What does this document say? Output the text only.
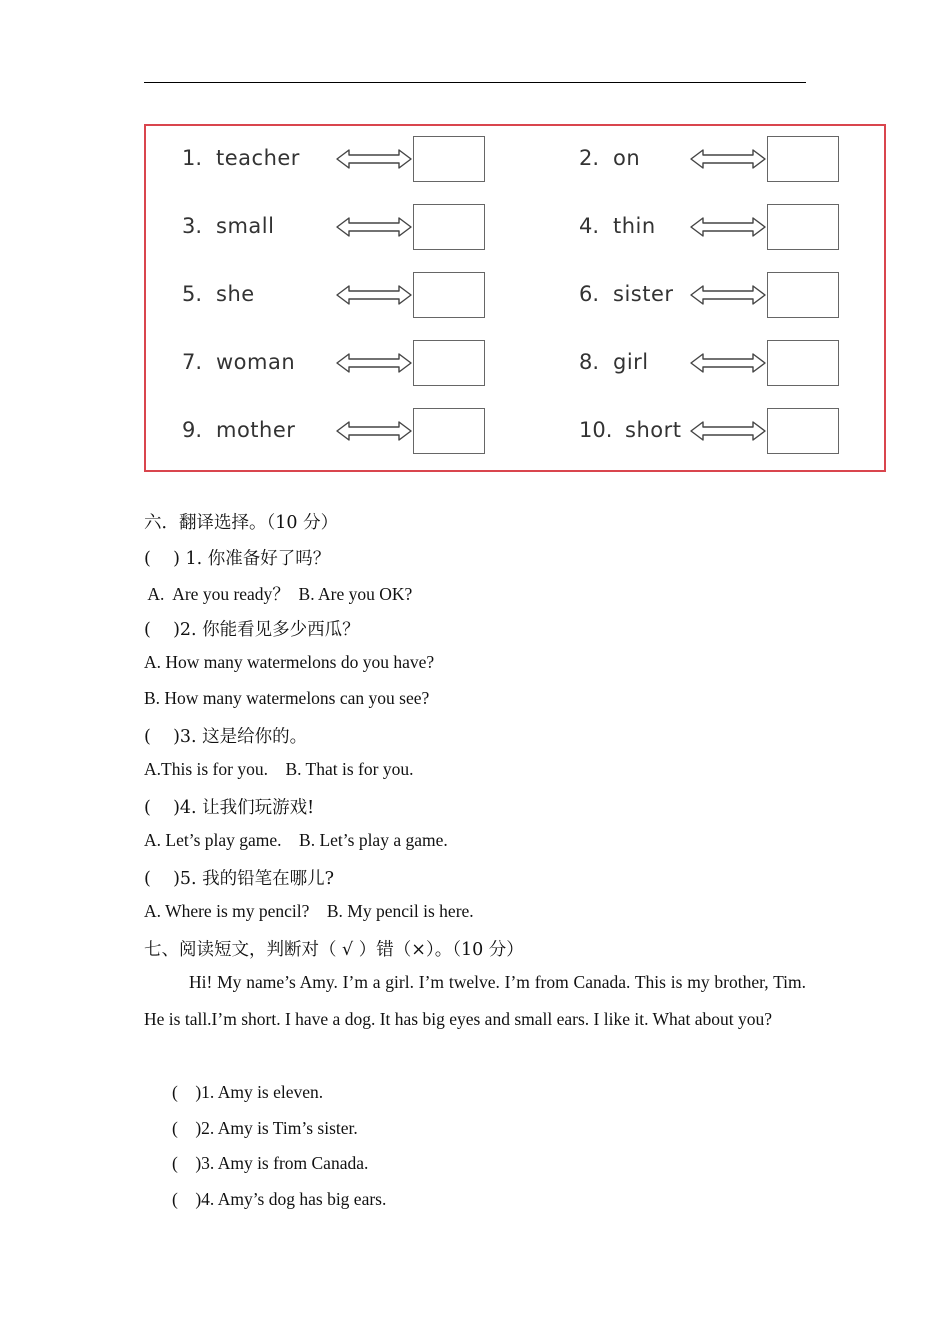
1. teacher	2. on
3. small	4. thin
5. she	6. sister
7. woman	8. girl
9. mother	10. short
六．翻译选择。（10 分）
(    ) 1. 你准备好了吗？
A.  Are you ready？  B. Are you OK?
(    )2. 你能看见多少西瓜？
A. How many watermelons do you have?
B. How many watermelons can you see?
(    )3. 这是给你的。
A.This is for you.    B. That is for you.
(    )4. 让我们玩游戏!
A. Let’s play game.    B. Let’s play a game.
(    )5. 我的铅笔在哪儿?
A. Where is my pencil?    B. My pencil is here.
七、阅读短文，判断对（ √ ）错（×）。（10 分）
Hi! My name’s Amy. I’m a girl. I’m twelve. I’m from Canada. This is my brother, Tim. He is tall.I’m short. I have a dog. It has big eyes and small ears. I like it. What about you?
(    )1. Amy is eleven.
(    )2. Amy is Tim’s sister.
(    )3. Amy is from Canada.
(    )4. Amy’s dog has big ears.
